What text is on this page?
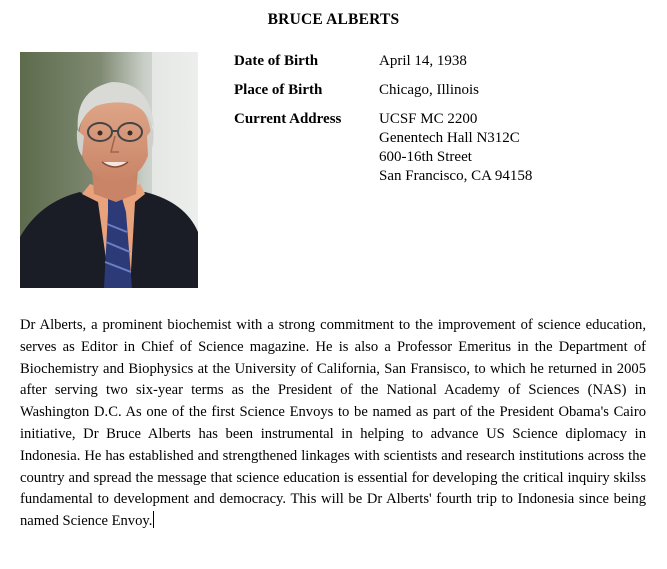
BRUCE ALBERTS
Date of Birth	April 14, 1938
Place of Birth	Chicago, Illinois
Current Address	UCSF MC 2200
Genentech Hall N312C
600-16th Street
San Francisco, CA 94158
Dr Alberts, a prominent biochemist with a strong commitment to the improvement of science education, serves as Editor in Chief of Science magazine. He is also a Professor Emeritus in the Department of Biochemistry and Biophysics at the University of California, San Fransisco, to which he returned in 2005 after serving two six-year terms as the President of the National Academy of Sciences (NAS) in Washington D.C. As one of the first Science Envoys to be named as part of the President Obama's Cairo initiative, Dr Bruce Alberts has been instrumental in helping to advance US Science diplomacy in Indonesia. He has established and strengthened linkages with scientists and research institutions across the country and spread the message that science education is essential for developing the critical inquiry skilss fundamental to development and democracy. This will be Dr Alberts' fourth trip to Indonesia since being named Science Envoy.
